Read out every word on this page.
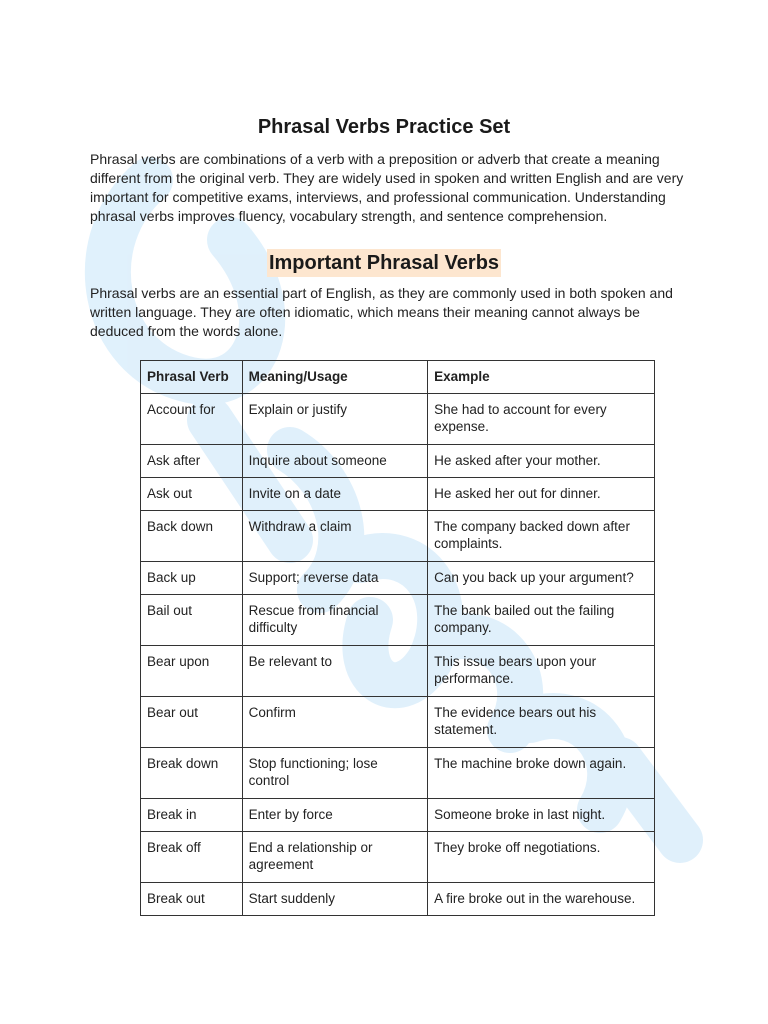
Phrasal Verbs Practice Set

Phrasal verbs are combinations of a verb with a preposition or adverb that create a meaning different from the original verb. They are widely used in spoken and written English and are very important for competitive exams, interviews, and professional communication. Understanding phrasal verbs improves fluency, vocabulary strength, and sentence comprehension.

Important Phrasal Verbs

Phrasal verbs are an essential part of English, as they are commonly used in both spoken and written language. They are often idiomatic, which means their meaning cannot always be deduced from the words alone.

Phrasal Verb	Meaning/Usage	Example
Account for	Explain or justify	She had to account for every expense.
Ask after	Inquire about someone	He asked after your mother.
Ask out	Invite on a date	He asked her out for dinner.
Back down	Withdraw a claim	The company backed down after complaints.
Back up	Support; reverse data	Can you back up your argument?
Bail out	Rescue from financial difficulty	The bank bailed out the failing company.
Bear upon	Be relevant to	This issue bears upon your performance.
Bear out	Confirm	The evidence bears out his statement.
Break down	Stop functioning; lose control	The machine broke down again.
Break in	Enter by force	Someone broke in last night.
Break off	End a relationship or agreement	They broke off negotiations.
Break out	Start suddenly	A fire broke out in the warehouse.
